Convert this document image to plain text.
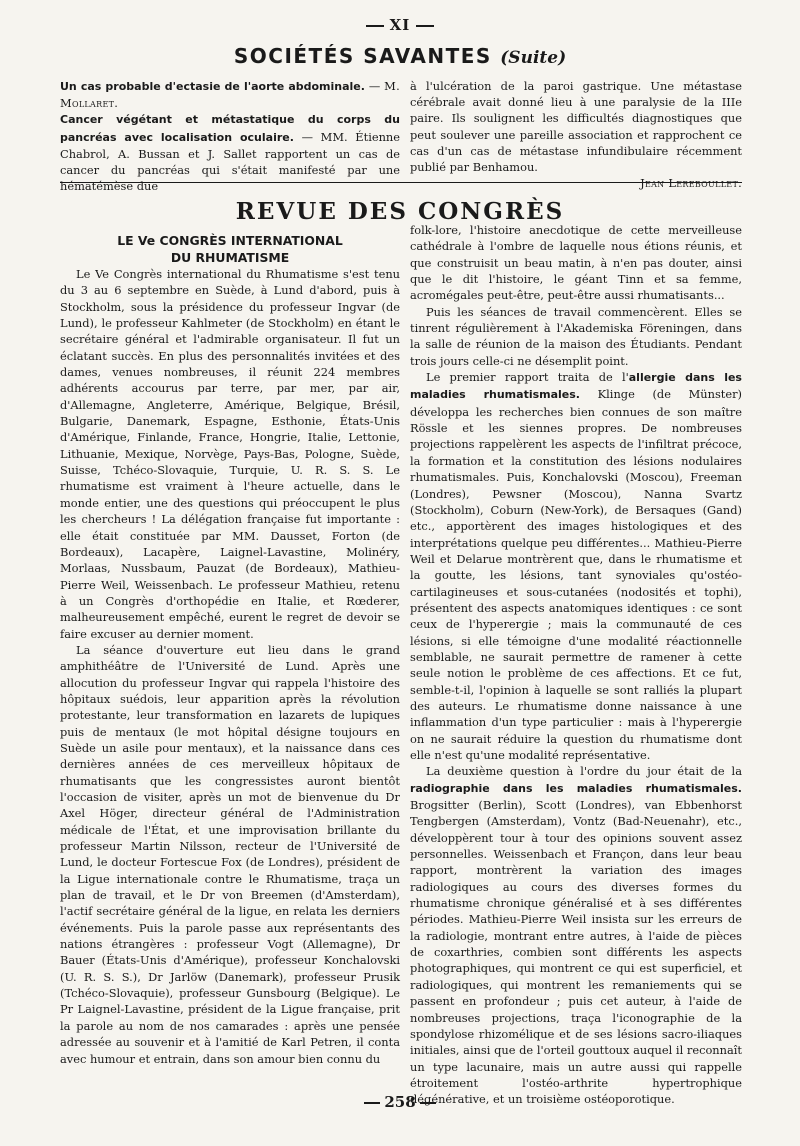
XI
SOCIÉTÉS SAVANTES (Suite)

Un cas probable d'ectasie de l'aorte abdominale. — M. Mollaret.

Cancer végétant et métastatique du corps du pancréas avec localisation oculaire. — MM. Étienne Chabrol, A. Bussan et J. Sallet rapportent un cas de cancer du pancréas qui s'était manifesté par une hématémèse due

à l'ulcération de la paroi gastrique. Une métastase cérébrale avait donné lieu à une paralysie de la IIIe paire. Ils soulignent les difficultés diagnostiques que peut soulever une pareille association et rapprochent ce cas d'un cas de métastase infundibulaire récemment publié par Benhamou.

Jean Lereboullet.
REVUE DES CONGRÈS

LE Ve CONGRÈS INTERNATIONAL
DU RHUMATISME

Le Ve Congrès international du Rhumatisme s'est tenu du 3 au 6 septembre en Suède, à Lund d'abord, puis à Stockholm, sous la présidence du professeur Ingvar (de Lund), le professeur Kahlmeter (de Stockholm) en étant le secrétaire général et l'admirable organisateur. Il fut un éclatant succès. En plus des personnalités invitées et des dames, venues nombreuses, il réunit 224 membres adhérents accourus par terre, par mer, par air, d'Allemagne, Angleterre, Amérique, Belgique, Brésil, Bulgarie, Danemark, Espagne, Esthonie, États-Unis d'Amérique, Finlande, France, Hongrie, Italie, Lettonie, Lithuanie, Mexique, Norvège, Pays-Bas, Pologne, Suède, Suisse, Tchéco-Slovaquie, Turquie, U. R. S. S. Le rhumatisme est vraiment à l'heure actuelle, dans le monde entier, une des questions qui préoccupent le plus les chercheurs ! La délégation française fut importante : elle était constituée par MM. Dausset, Forton (de Bordeaux), Lacapère, Laignel-Lavastine, Molinéry, Morlaas, Nussbaum, Pauzat (de Bordeaux), Mathieu-Pierre Weil, Weissenbach. Le professeur Mathieu, retenu à un Congrès d'orthopédie en Italie, et Rœderer, malheureusement empêché, eurent le regret de devoir se faire excuser au dernier moment.

La séance d'ouverture eut lieu dans le grand amphithéâtre de l'Université de Lund. Après une allocution du professeur Ingvar qui rappela l'histoire des hôpitaux suédois, leur apparition après la révolution protestante, leur transformation en lazarets de lupiques puis de mentaux (le mot hôpital désigne toujours en Suède un asile pour mentaux), et la naissance dans ces dernières années de ces merveilleux hôpitaux de rhumatisants que les congressistes auront bientôt l'occasion de visiter, après un mot de bienvenue du Dr Axel Höger, directeur général de l'Administration médicale de l'État, et une improvisation brillante du professeur Martin Nilsson, recteur de l'Université de Lund, le docteur Fortescue Fox (de Londres), président de la Ligue internationale contre le Rhumatisme, traça un plan de travail, et le Dr von Breemen (d'Amsterdam), l'actif secrétaire général de la ligue, en relata les derniers événements. Puis la parole passe aux représentants des nations étrangères : professeur Vogt (Allemagne), Dr Bauer (États-Unis d'Amérique), professeur Konchalovski (U. R. S. S.), Dr Jarlöw (Danemark), professeur Prusik (Tchéco-Slovaquie), professeur Gunsbourg (Belgique). Le Pr Laignel-Lavastine, président de la Ligue française, prit la parole au nom de nos camarades : après une pensée adressée au souvenir et à l'amitié de Karl Petren, il conta avec humour et entrain, dans son amour bien connu du

folk-lore, l'histoire anecdotique de cette merveilleuse cathédrale à l'ombre de laquelle nous étions réunis, et que construisit un beau matin, à n'en pas douter, ainsi que le dit l'histoire, le géant Tinn et sa femme, acromégales peut-être, peut-être aussi rhumatisants...

Puis les séances de travail commencèrent. Elles se tinrent régulièrement à l'Akademiska Föreningen, dans la salle de réunion de la maison des Étudiants. Pendant trois jours celle-ci ne désemplit point.

Le premier rapport traita de l'allergie dans les maladies rhumatismales. Klinge (de Münster) développa les recherches bien connues de son maître Rössle et les siennes propres. De nombreuses projections rappelèrent les aspects de l'infiltrat précoce, la formation et la constitution des lésions nodulaires rhumatismales. Puis, Konchalovski (Moscou), Freeman (Londres), Pewsner (Moscou), Nanna Svartz (Stockholm), Coburn (New-York), de Bersaques (Gand) etc., apportèrent des images histologiques et des interprétations quelque peu différentes... Mathieu-Pierre Weil et Delarue montrèrent que, dans le rhumatisme et la goutte, les lésions, tant synoviales qu'ostéo-cartilagineuses et sous-cutanées (nodosités et tophi), présentent des aspects anatomiques identiques : ce sont ceux de l'hyperergie ; mais la communauté de ces lésions, si elle témoigne d'une modalité réactionnelle semblable, ne saurait permettre de ramener à cette seule notion le problème de ces affections. Et ce fut, semble-t-il, l'opinion à laquelle se sont ralliés la plupart des auteurs. Le rhumatisme donne naissance à une inflammation d'un type particulier : mais à l'hyperergie on ne saurait réduire la question du rhumatisme dont elle n'est qu'une modalité représentative.

La deuxième question à l'ordre du jour était de la radiographie dans les maladies rhumatismales. Brogsitter (Berlin), Scott (Londres), van Ebbenhorst Tengbergen (Amsterdam), Vontz (Bad-Neuenahr), etc., développèrent tour à tour des opinions souvent assez personnelles. Weissenbach et Françon, dans leur beau rapport, montrèrent la variation des images radiologiques au cours des diverses formes du rhumatisme chronique généralisé et à ses différentes périodes. Mathieu-Pierre Weil insista sur les erreurs de la radiologie, montrant entre autres, à l'aide de pièces de coxarthries, combien sont différents les aspects photographiques, qui montrent ce qui est superficiel, et radiologiques, qui montrent les remaniements qui se passent en profondeur ; puis cet auteur, à l'aide de nombreuses projections, traça l'iconographie de la spondylose rhizomélique et de ses lésions sacro-iliaques initiales, ainsi que de l'orteil gouttoux auquel il reconnaît un type lacunaire, mais un autre aussi qui rappelle étroitement l'ostéo-arthrite hypertrophique dégénérative, et un troisième ostéoporotique.

258
